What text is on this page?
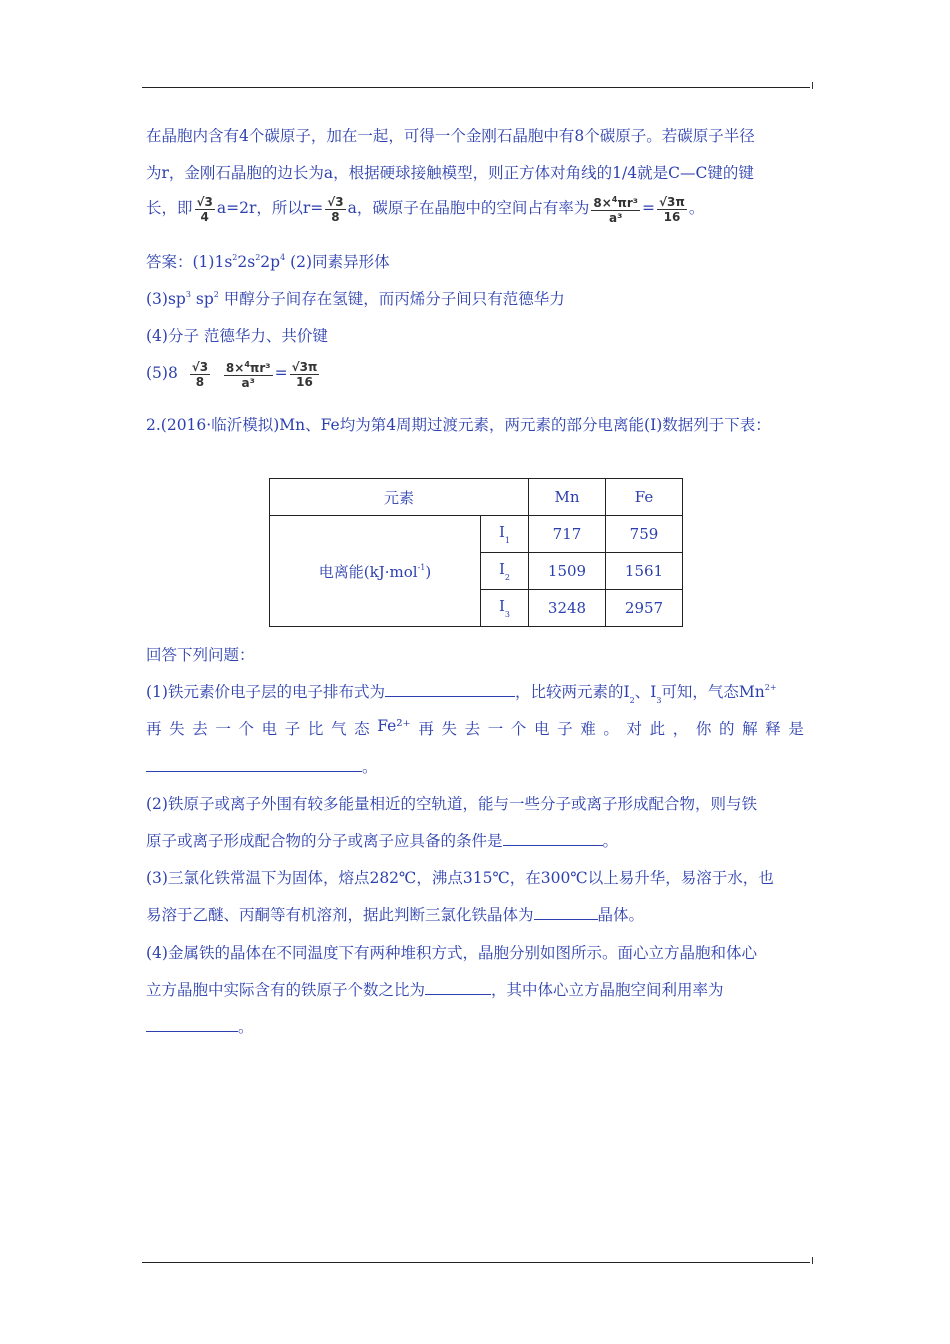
在晶胞内含有4个碳原子，加在一起，可得一个金刚石晶胞中有8个碳原子。若碳原子半径
为r，金刚石晶胞的边长为a，根据硬球接触模型，则正方体对角线的1/4就是C—C键的键
长，即 $\frac{√3}{4} a=2r$，所以$r= \frac{√3}{8}$ a，碳原子在晶胞中的空间占有率为 $\frac{8\times^4\pi r^3}{\text{a³}} = \frac{√3\pi}{16}$ 。
答案：$(1)1s^22s^22p^4$ (2)同素异形体
$(3)sp^3$ $sp^2$ 甲醇分子间存在氢键，而丙烯分子间只有范德华力
(4)分子 范德华力、共价键
$(5)8 \frac{√3}{8}$
$\frac{8\times^4\pi r^3}{\text{a³}} = \frac{√3\pi}{16}$
2.(2016·临沂模拟)Mn、Fe均为第4周期过渡元素，两元素的部分电离能(I)数据列于下表：
元素		Mn	Fe
电离能(kJ·mol$^{-1}$)	$I_1$	717	759
	$I_2$	1509	1561
	$I_3$	3248	2957
回答下列问题：
(1)铁元素价电子层的电子排布式为	，比较两元素的$I_2$、$I_3$可知，气态$Mn^{2+}$
再 失 去 一 个 电 子 比 气 态 Fe²⁺ 再 失 去 一 个 电 子 难 。 对 此 ， 你 的 解 释 是
。
(2)铁原子或离子外围有较多能量相近的空轨道，能与一些分子或离子形成配合物，则与铁
原子或离子形成配合物的分子或离子应具备的条件是	。
(3)三氯化铁常温下为固体，熔点282℃，沸点315℃，在300℃以上易升华，易溶于水，也
易溶于乙醚、丙酮等有机溶剂，据此判断三氯化铁晶体为	晶体。
(4)金属铁的晶体在不同温度下有两种堆积方式，晶胞分别如图所示。面心立方晶胞和体心
立方晶胞中实际含有的铁原子个数之比为	，其中体心立方晶胞空间利用率为
。
